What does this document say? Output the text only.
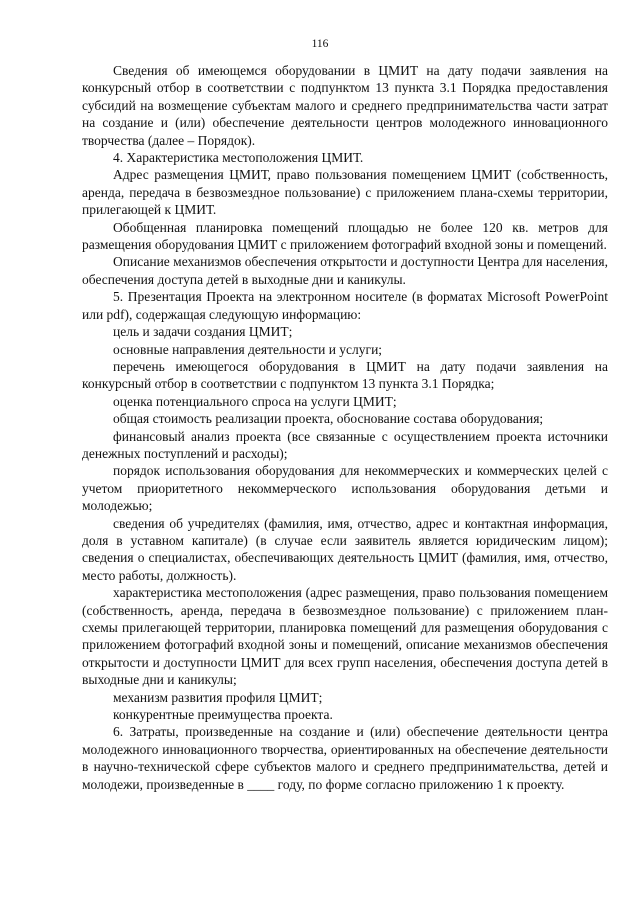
116

Сведения об имеющемся оборудовании в ЦМИТ на дату подачи заявления на конкурсный отбор в соответствии с подпунктом 13 пункта 3.1 Порядка предоставления субсидий на возмещение субъектам малого и среднего предпринимательства части затрат на создание и (или) обеспечение деятельности центров молодежного инновационного творчества (далее – Порядок).

4. Характеристика местоположения ЦМИТ.

Адрес размещения ЦМИТ, право пользования помещением ЦМИТ (собственность, аренда, передача в безвозмездное пользование) с приложением плана-схемы территории, прилегающей к ЦМИТ.

Обобщенная планировка помещений площадью не более 120 кв. метров для размещения оборудования ЦМИТ с приложением фотографий входной зоны и помещений.

Описание механизмов обеспечения открытости и доступности Центра для населения, обеспечения доступа детей в выходные дни и каникулы.

5. Презентация Проекта на электронном носителе (в форматах Microsoft PowerPoint или pdf), содержащая следующую информацию:

цель и задачи создания ЦМИТ;

основные направления деятельности и услуги;

перечень имеющегося оборудования в ЦМИТ на дату подачи заявления на конкурсный отбор в соответствии с подпунктом 13 пункта 3.1 Порядка;

оценка потенциального спроса на услуги ЦМИТ;

общая стоимость реализации проекта, обоснование состава оборудования;

финансовый анализ проекта (все связанные с осуществлением проекта источники денежных поступлений и расходы);

порядок использования оборудования для некоммерческих и коммерческих целей с учетом приоритетного некоммерческого использования оборудования детьми и молодежью;

сведения об учредителях (фамилия, имя, отчество, адрес и контактная информация, доля в уставном капитале) (в случае если заявитель является юридическим лицом); сведения о специалистах, обеспечивающих деятельность ЦМИТ (фамилия, имя, отчество, место работы, должность).

характеристика местоположения (адрес размещения, право пользования помещением (собственность, аренда, передача в безвозмездное пользование) с приложением план-схемы прилегающей территории, планировка помещений для размещения оборудования с приложением фотографий входной зоны и помещений, описание механизмов обеспечения открытости и доступности ЦМИТ для всех групп населения, обеспечения доступа детей в выходные дни и каникулы;

механизм развития профиля ЦМИТ;

конкурентные преимущества проекта.

6. Затраты, произведенные на создание и (или) обеспечение деятельности центра молодежного инновационного творчества, ориентированных на обеспечение деятельности в научно-технической сфере субъектов малого и среднего предпринимательства, детей и молодежи, произведенные в ____ году, по форме согласно приложению 1 к проекту.
